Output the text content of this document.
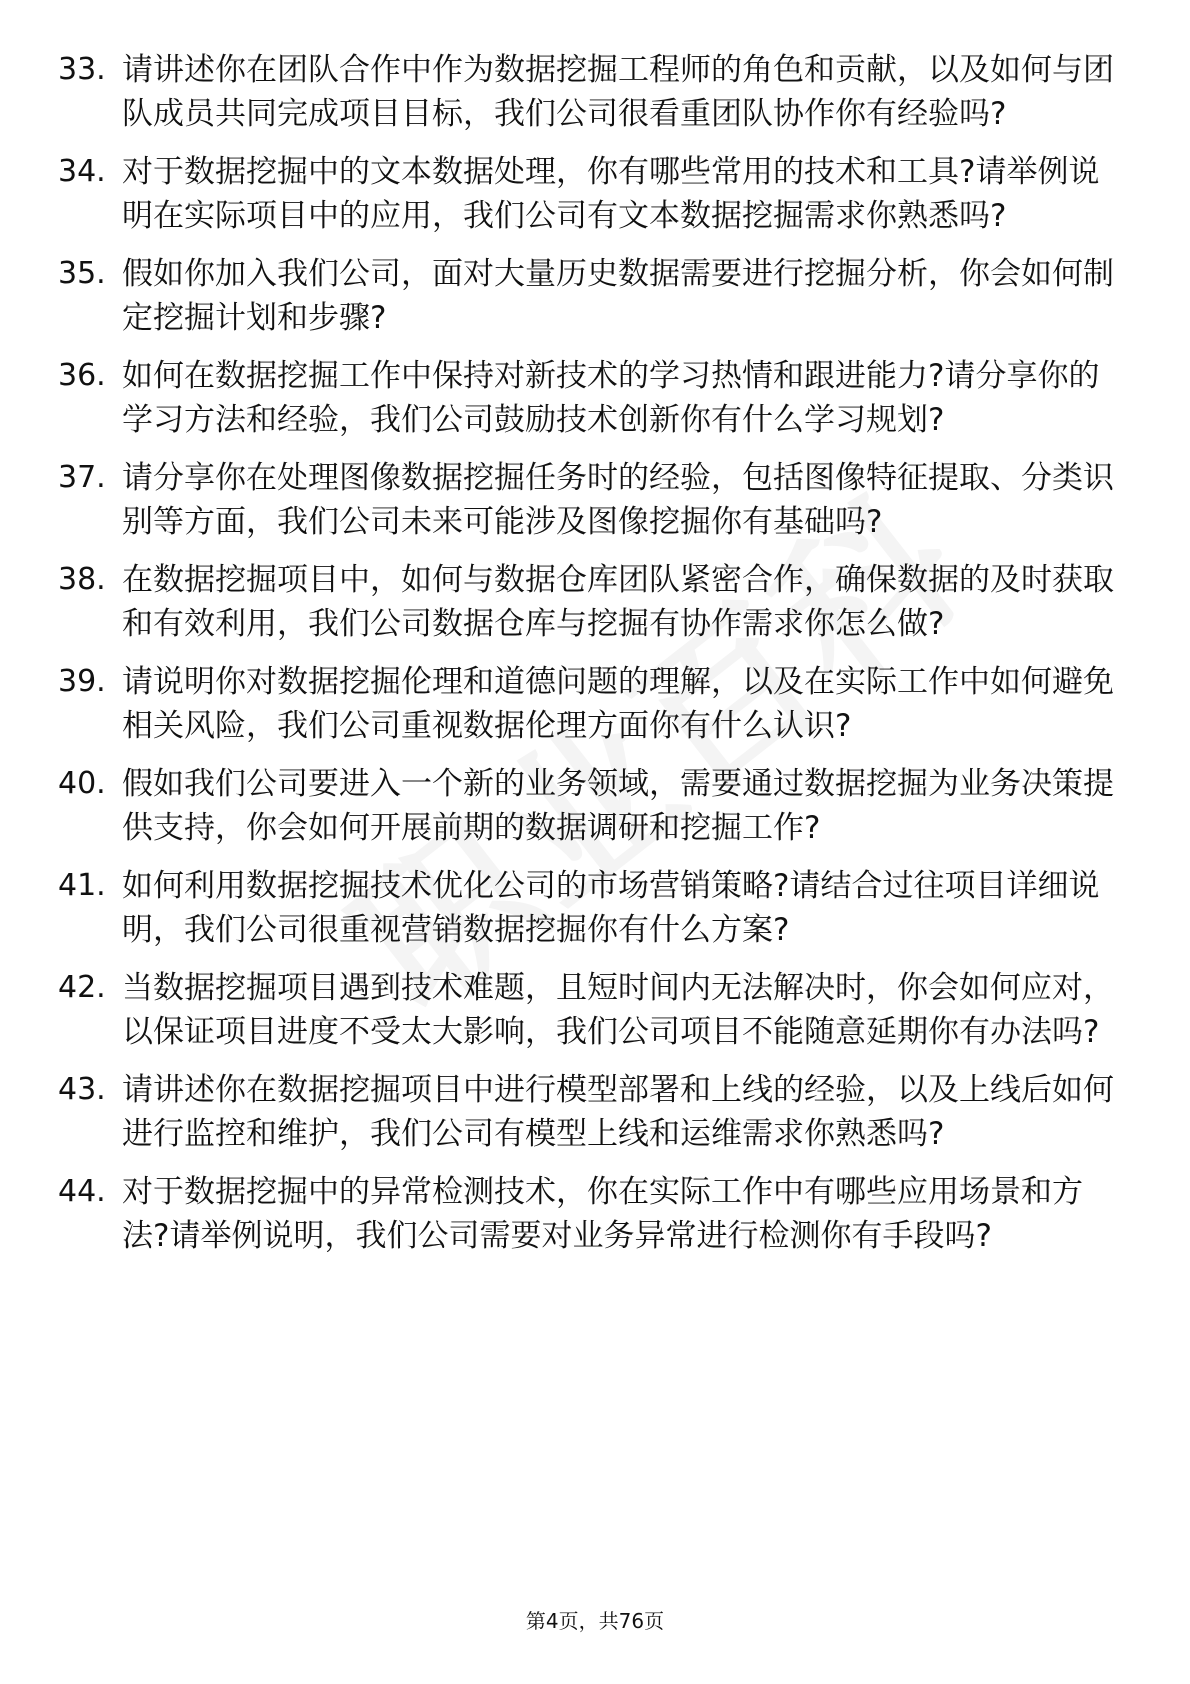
33. 请讲述你在团队合作中作为数据挖掘工程师的角色和贡献，以及如何与团队成员共同完成项目目标，我们公司很看重团队协作你有经验吗?
34. 对于数据挖掘中的文本数据处理，你有哪些常用的技术和工具?请举例说明在实际项目中的应用，我们公司有文本数据挖掘需求你熟悉吗?
35. 假如你加入我们公司，面对大量历史数据需要进行挖掘分析，你会如何制定挖掘计划和步骤?
36. 如何在数据挖掘工作中保持对新技术的学习热情和跟进能力?请分享你的学习方法和经验，我们公司鼓励技术创新你有什么学习规划?
37. 请分享你在处理图像数据挖掘任务时的经验，包括图像特征提取、分类识别等方面，我们公司未来可能涉及图像挖掘你有基础吗?
38. 在数据挖掘项目中，如何与数据仓库团队紧密合作，确保数据的及时获取和有效利用，我们公司数据仓库与挖掘有协作需求你怎么做?
39. 请说明你对数据挖掘伦理和道德问题的理解，以及在实际工作中如何避免相关风险，我们公司重视数据伦理方面你有什么认识?
40. 假如我们公司要进入一个新的业务领域，需要通过数据挖掘为业务决策提供支持，你会如何开展前期的数据调研和挖掘工作?
41. 如何利用数据挖掘技术优化公司的市场营销策略?请结合过往项目详细说明，我们公司很重视营销数据挖掘你有什么方案?
42. 当数据挖掘项目遇到技术难题，且短时间内无法解决时，你会如何应对，以保证项目进度不受太大影响，我们公司项目不能随意延期你有办法吗?
43. 请讲述你在数据挖掘项目中进行模型部署和上线的经验，以及上线后如何进行监控和维护，我们公司有模型上线和运维需求你熟悉吗?
44. 对于数据挖掘中的异常检测技术，你在实际工作中有哪些应用场景和方法?请举例说明，我们公司需要对业务异常进行检测你有手段吗?
第4页，共76页
